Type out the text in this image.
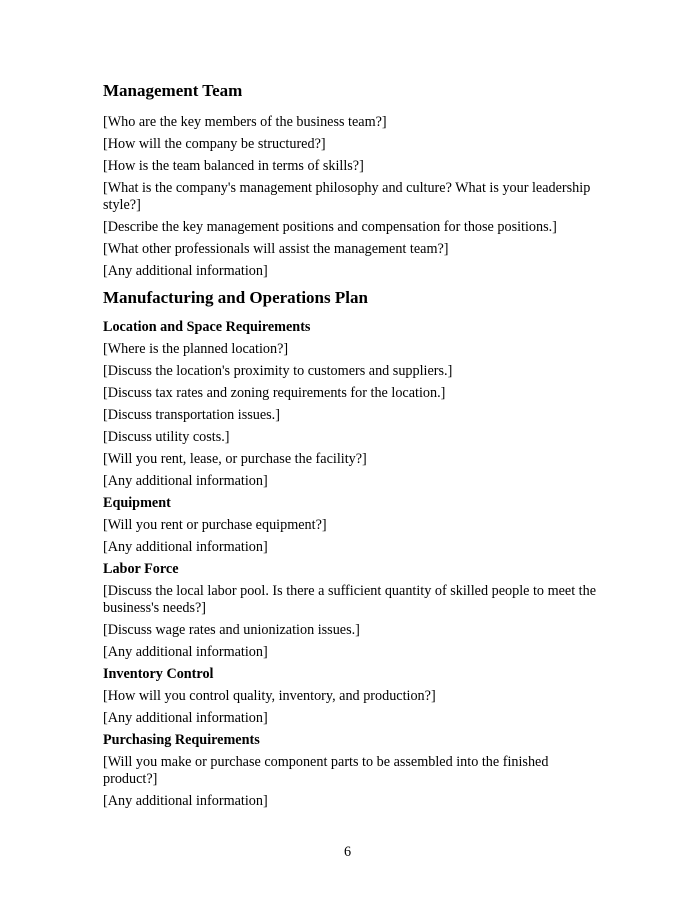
Management Team

[Who are the key members of the business team?]

[How will the company be structured?]

[How is the team balanced in terms of skills?]

[What is the company's management philosophy and culture? What is your leadership style?]

[Describe the key management positions and compensation for those positions.]

[What other professionals will assist the management team?]

[Any additional information]

Manufacturing and Operations Plan
Location and Space Requirements

[Where is the planned location?]

[Discuss the location's proximity to customers and suppliers.]

[Discuss tax rates and zoning requirements for the location.]

[Discuss transportation issues.]

[Discuss utility costs.]

[Will you rent, lease, or purchase the facility?]

[Any additional information]

Equipment

[Will you rent or purchase equipment?]

[Any additional information]

Labor Force

[Discuss the local labor pool. Is there a sufficient quantity of skilled people to meet the business's needs?]

[Discuss wage rates and unionization issues.]

[Any additional information]

Inventory Control

[How will you control quality, inventory, and production?]

[Any additional information]

Purchasing Requirements

[Will you make or purchase component parts to be assembled into the finished product?]

[Any additional information]

6
